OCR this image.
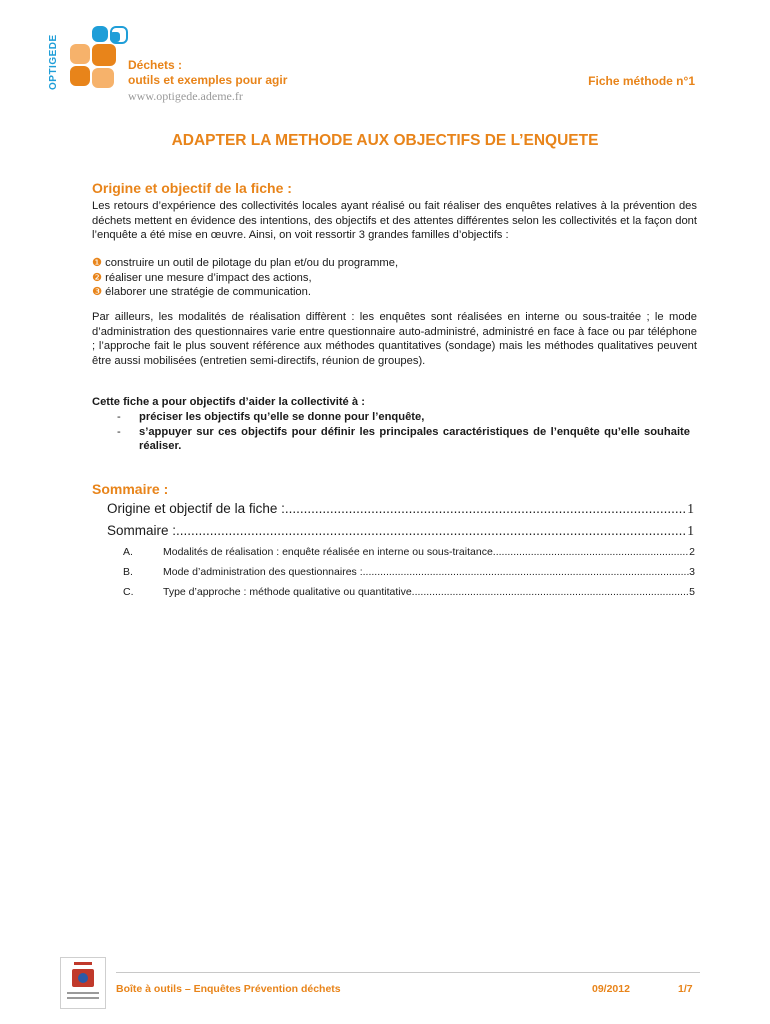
OPTIGEDE	Déchets :
outils et exemples pour agir
www.optigede.ademe.fr
Fiche méthode n°1
ADAPTER LA METHODE AUX OBJECTIFS DE L’ENQUETE
Origine et objectif de la fiche :
Les retours d’expérience des collectivités locales ayant réalisé ou fait réaliser des enquêtes relatives à la prévention des déchets mettent en évidence des intentions, des objectifs et des attentes différentes selon les collectivités et la façon dont l’enquête a été mise en œuvre. Ainsi, on voit ressortir 3 grandes familles d’objectifs :
❶ construire un outil de pilotage du plan et/ou du programme,
❷ réaliser une mesure d’impact des actions,
❸ élaborer une stratégie de communication.
Par ailleurs, les modalités de réalisation diffèrent : les enquêtes sont réalisées en interne ou sous-traitée ; le mode d’administration des questionnaires varie entre questionnaire auto-administré, administré en face à face ou par téléphone ; l’approche fait le plus souvent référence aux méthodes quantitatives (sondage) mais les méthodes qualitatives peuvent être aussi mobilisées (entretien semi-directifs, réunion de groupes).
Cette fiche a pour objectifs d’aider la collectivité à :
- préciser les objectifs qu’elle se donne pour l’enquête,
- s’appuyer sur ces objectifs pour définir les principales caractéristiques de l’enquête qu’elle souhaite réaliser.
Sommaire :
Origine et objectif de la fiche : .....	1
Sommaire : .....	1
A.	Modalités de réalisation : enquête réalisée en interne ou sous-traitance .....	2
B.	Mode d’administration des questionnaires : .....	3
C.	Type d’approche : méthode qualitative ou quantitative .....	5
Boîte à outils – Enquêtes Prévention déchets	09/2012	1/7
